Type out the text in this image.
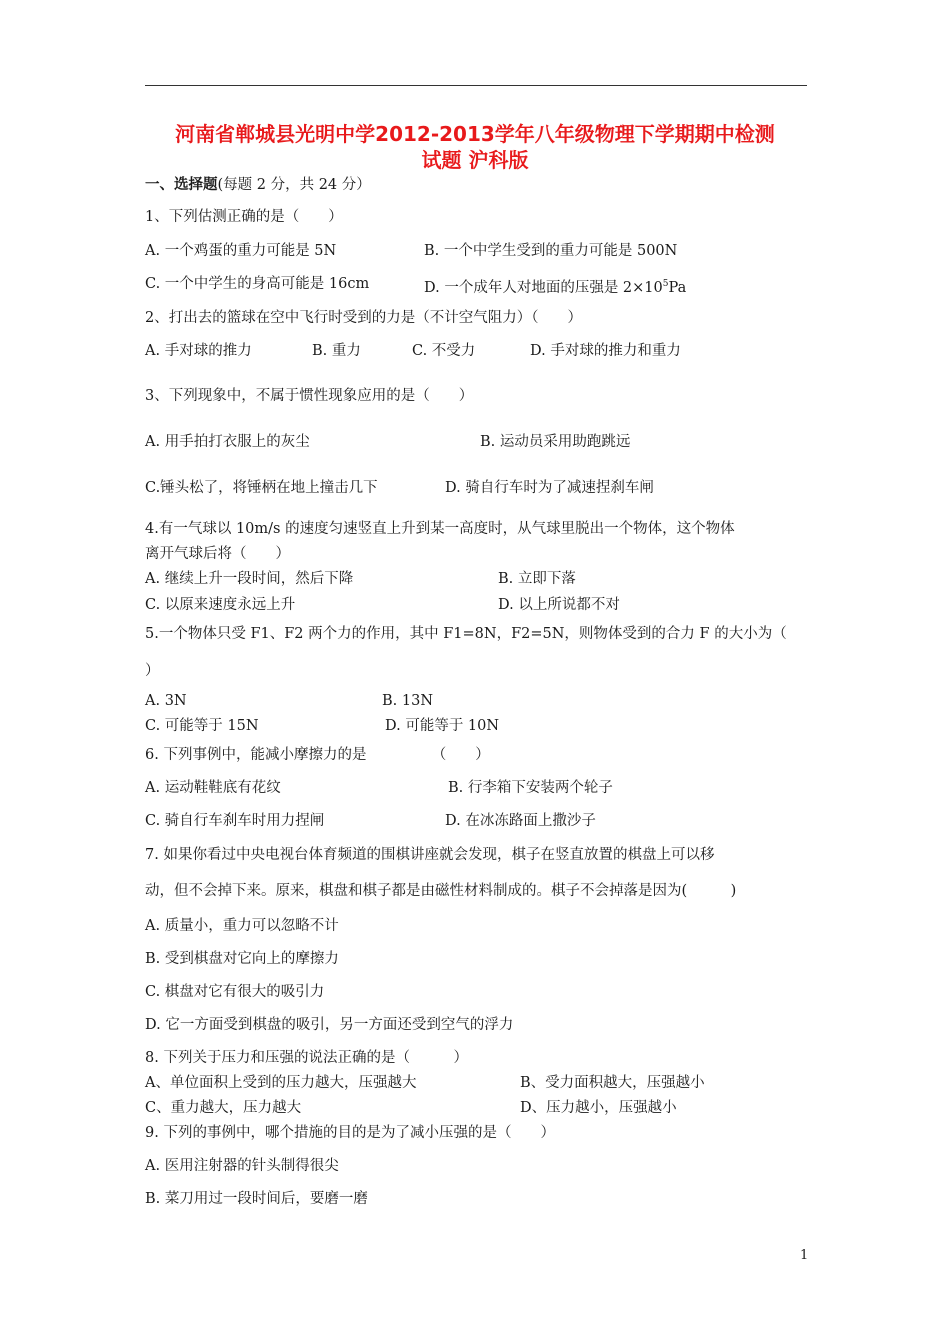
河南省郸城县光明中学2012-2013学年八年级物理下学期期中检测
试题 沪科版
一、选择题(每题 2 分，共 24 分）
1、下列估测正确的是（　　）
A. 一个鸡蛋的重力可能是 5N	B. 一个中学生受到的重力可能是 500N
C. 一个中学生的身高可能是 16cm	D. 一个成年人对地面的压强是 $2\times 10^5Pa$
2、打出去的篮球在空中飞行时受到的力是（不计空气阻力）（　　）
A. 手对球的推力	B. 重力	C. 不受力	D. 手对球的推力和重力
3、下列现象中，不属于惯性现象应用的是（　　）
A. 用手拍打衣服上的灰尘	B. 运动员采用助跑跳远
C.锤头松了，将锤柄在地上撞击几下	D. 骑自行车时为了减速捏刹车闸
4.有一气球以 10m/s 的速度匀速竖直上升到某一高度时，从气球里脱出一个物体，这个物体
离开气球后将（　　）
A. 继续上升一段时间，然后下降	B. 立即下落
C. 以原来速度永远上升	D. 以上所说都不对
5.一个物体只受 F1、F2 两个力的作用，其中 F1=8N，F2=5N，则物体受到的合力 F 的大小为（
）
A. 3N	B. 13N
C. 可能等于 15N	D. 可能等于 10N
6. 下列事例中，能减小摩擦力的是　　　　　（　　）
A. 运动鞋鞋底有花纹	B. 行李箱下安装两个轮子
C. 骑自行车刹车时用力捏闸	D. 在冰冻路面上撒沙子
7. 如果你看过中央电视台体育频道的围棋讲座就会发现，棋子在竖直放置的棋盘上可以移
动，但不会掉下来。原来，棋盘和棋子都是由磁性材料制成的。棋子不会掉落是因为(　　　)
A. 质量小，重力可以忽略不计
B. 受到棋盘对它向上的摩擦力
C. 棋盘对它有很大的吸引力
D. 它一方面受到棋盘的吸引，另一方面还受到空气的浮力
8. 下列关于压力和压强的说法正确的是（　　　）
A、单位面积上受到的压力越大，压强越大	B、受力面积越大，压强越小
C、重力越大，压力越大	D、压力越小，压强越小
9. 下列的事例中，哪个措施的目的是为了减小压强的是（　　）
A. 医用注射器的针头制得很尖
B. 菜刀用过一段时间后，要磨一磨
1
